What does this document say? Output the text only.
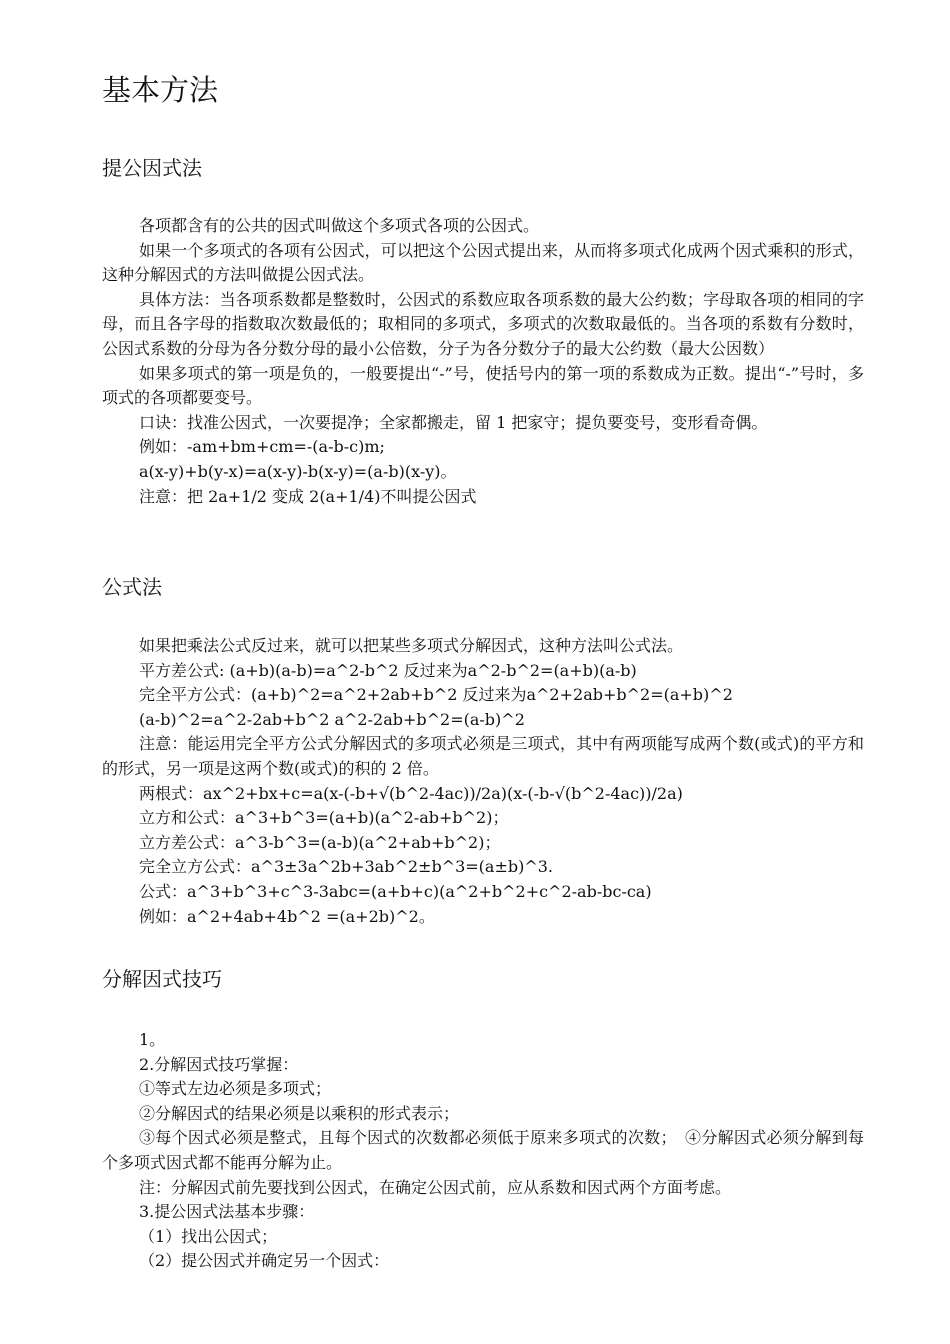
基本方法
提公因式法

各项都含有的公共的因式叫做这个多项式各项的公因式。

如果一个多项式的各项有公因式，可以把这个公因式提出来，从而将多项式化成两个因式乘积的形式，这种分解因式的方法叫做提公因式法。

具体方法：当各项系数都是整数时，公因式的系数应取各项系数的最大公约数；字母取各项的相同的字母，而且各字母的指数取次数最低的；取相同的多项式，多项式的次数取最低的。当各项的系数有分数时，公因式系数的分母为各分数分母的最小公倍数，分子为各分数分子的最大公约数（最大公因数）

如果多项式的第一项是负的，一般要提出“-”号，使括号内的第一项的系数成为正数。提出“-”号时，多项式的各项都要变号。

口诀：找准公因式，一次要提净；全家都搬走，留 1 把家守；提负要变号，变形看奇偶。

例如：-am+bm+cm=-(a-b-c)m;

a(x-y)+b(y-x)=a(x-y)-b(x-y)=(a-b)(x-y)。

注意：把 2a+1/2 变成 2(a+1/4)不叫提公因式

公式法

如果把乘法公式反过来，就可以把某些多项式分解因式，这种方法叫公式法。

平方差公式: (a+b)(a-b)=a^2-b^2 反过来为a^2-b^2=(a+b)(a-b)

完全平方公式：(a+b)^2=a^2+2ab+b^2 反过来为a^2+2ab+b^2=(a+b)^2

(a-b)^2=a^2-2ab+b^2 a^2-2ab+b^2=(a-b)^2

注意：能运用完全平方公式分解因式的多项式必须是三项式，其中有两项能写成两个数(或式)的平方和的形式，另一项是这两个数(或式)的积的 2 倍。

两根式：ax^2+bx+c=a(x-(-b+√(b^2-4ac))/2a)(x-(-b-√(b^2-4ac))/2a)

立方和公式：a^3+b^3=(a+b)(a^2-ab+b^2)；

立方差公式：a^3-b^3=(a-b)(a^2+ab+b^2)；

完全立方公式：a^3±3a^2b+3ab^2±b^3=(a±b)^3.

公式：a^3+b^3+c^3-3abc=(a+b+c)(a^2+b^2+c^2-ab-bc-ca)

例如：a^2+4ab+4b^2 =(a+2b)^2。

分解因式技巧

1。

2.分解因式技巧掌握：

①等式左边必须是多项式；

②分解因式的结果必须是以乘积的形式表示；

③每个因式必须是整式，且每个因式的次数都必须低于原来多项式的次数；　④分解因式必须分解到每个多项式因式都不能再分解为止。

注：分解因式前先要找到公因式，在确定公因式前，应从系数和因式两个方面考虑。

3.提公因式法基本步骤：

（1）找出公因式；

（2）提公因式并确定另一个因式：
